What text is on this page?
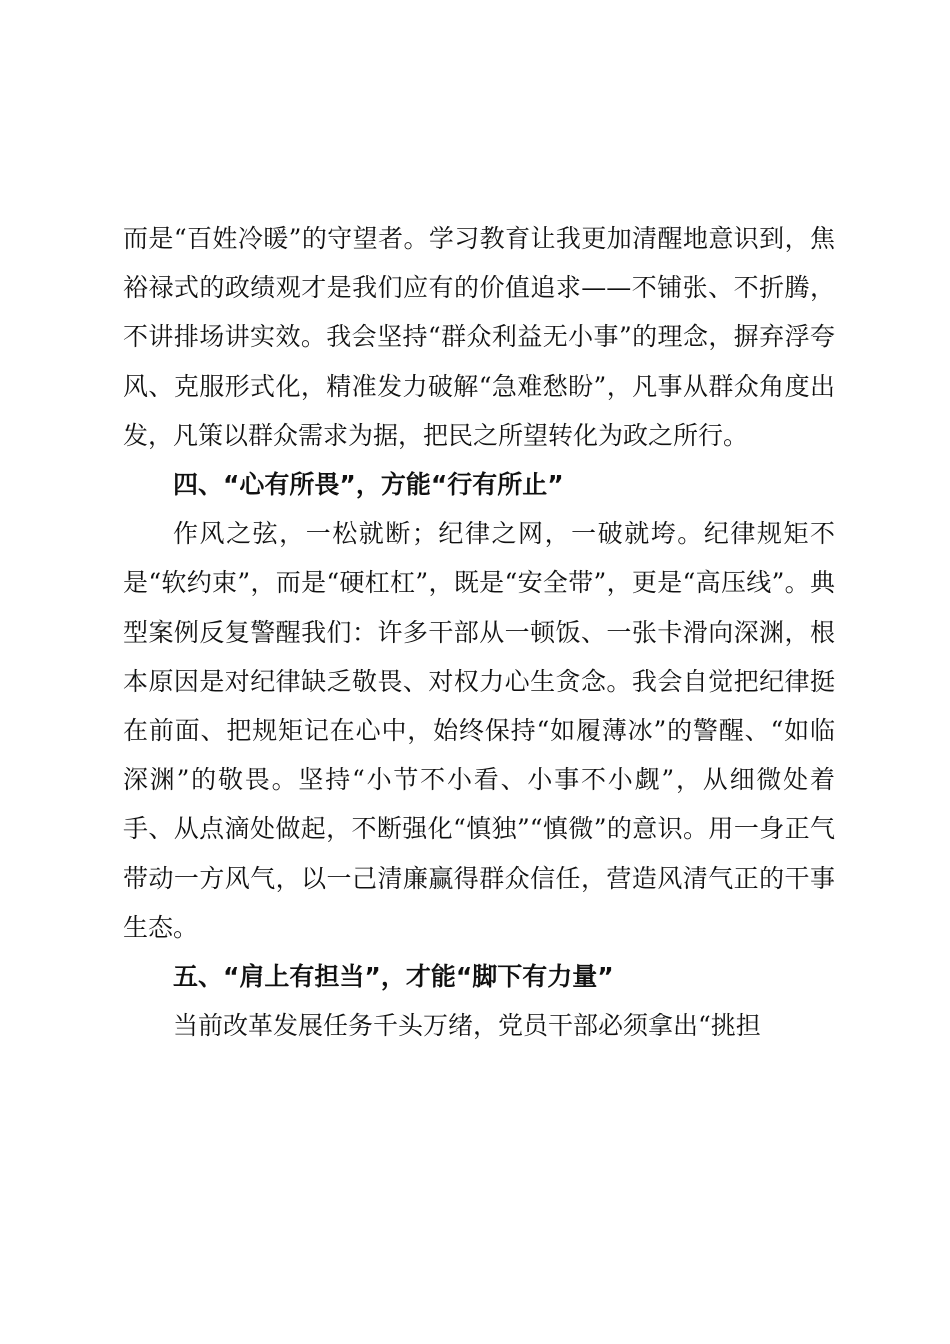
而是“百姓冷暖”的守望者。学习教育让我更加清醒地意识到，焦裕禄式的政绩观才是我们应有的价值追求——不铺张、不折腾，不讲排场讲实效。我会坚持“群众利益无小事”的理念，摒弃浮夸风、克服形式化，精准发力破解“急难愁盼”，凡事从群众角度出发，凡策以群众需求为据，把民之所望转化为政之所行。

四、“心有所畏”，方能“行有所止”

作风之弦，一松就断；纪律之网，一破就垮。纪律规矩不是“软约束”，而是“硬杠杠”，既是“安全带”，更是“高压线”。典型案例反复警醒我们：许多干部从一顿饭、一张卡滑向深渊，根本原因是对纪律缺乏敬畏、对权力心生贪念。我会自觉把纪律挺在前面、把规矩记在心中，始终保持“如履薄冰”的警醒、“如临深渊”的敬畏。坚持“小节不小看、小事不小觑”，从细微处着手、从点滴处做起，不断强化“慎独”“慎微”的意识。用一身正气带动一方风气，以一己清廉赢得群众信任，营造风清气正的干事生态。

五、“肩上有担当”，才能“脚下有力量”

当前改革发展任务千头万绪，党员干部必须拿出“挑担
